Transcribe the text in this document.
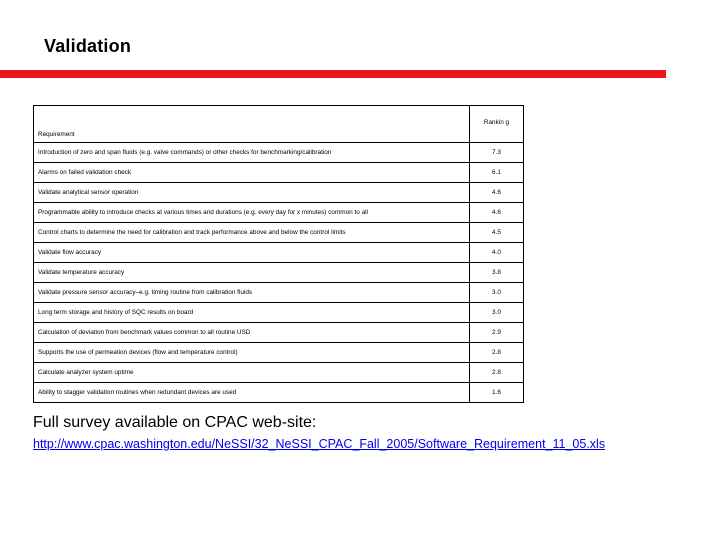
Validation
Requirement	Rankin g
Introduction of zero and span fluids (e.g. valve commands) or other checks for benchmarking/calibration	7.3
Alarms on failed validation check	6.1
Validate analytical sensor operation	4.6
Programmable ability to introduce checks at various times and durations (e.g. every day for x minutes) common to all	4.6
Control charts to determine the need for calibration and track performance above and below the control limits	4.5
Validate flow accuracy	4.0
Validate temperature accuracy	3.8
Validate pressure sensor accuracy–e.g. timing routine from calibration fluids	3.0
Long term storage and history of SQC results on board	3.0
Calculation of deviation from benchmark values common to all routine USD	2.9
Supports the use of permeation devices (flow and temperature control)	2.8
Calculate analyzer system uptime	2.8
Ability to stagger validation routines when redundant devices are used	1.6
Full survey available on CPAC web-site:
http://www.cpac.washington.edu/NeSSI/32_NeSSI_CPAC_Fall_2005/Software_Requirement_11_05.xls
